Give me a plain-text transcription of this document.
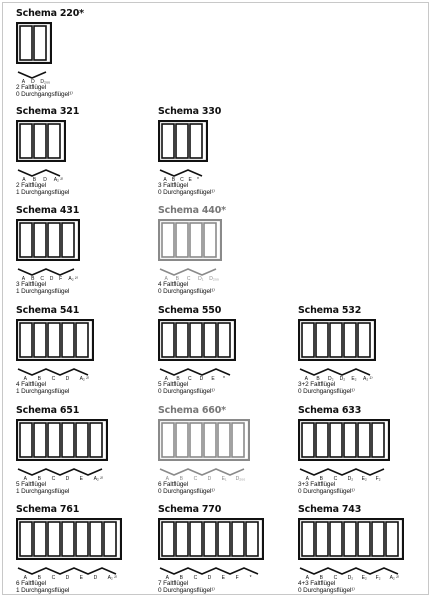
Schema 220*
A D D₂₀₀
2 Faltflügel
0 Durchgangsflügel¹⁾
Schema 321
A B D A₂ ²⁾
2 Faltflügel
1 Durchgangsflügel
Schema 330
A B C E *
3 Faltflügel
0 Durchgangsflügel¹⁾
Schema 431
A B C D F A₂ ²⁾
3 Faltflügel
1 Durchgangsflügel
Schema 440*
A B C D₁ D₂₀₀
4 Faltflügel
0 Durchgangsflügel¹⁾
Schema 541
A B C D A₂ ²⁾
4 Faltflügel
1 Durchgangsflügel
Schema 550
A B C D E *
5 Faltflügel
0 Durchgangsflügel¹⁾
Schema 532
A B D₂ D₂ E₂ A₂ ²⁾
3+2 Faltflügel
0 Durchgangsflügel¹⁾
Schema 651
A B C D E A₂ ²⁾
5 Faltflügel
1 Durchgangsflügel
Schema 660*
A B C D E₁ D₂₀₀
6 Faltflügel
0 Durchgangsflügel¹⁾
Schema 633
A B C D₂ E₂ F₂
3+3 Faltflügel
0 Durchgangsflügel¹⁾
Schema 761
A B C D E D A₂ ²⁾
6 Faltflügel
1 Durchgangsflügel
Schema 770
A B C D E F *
7 Faltflügel
0 Durchgangsflügel¹⁾
Schema 743
A B C D₂ E₂ F₂ A₂ ²⁾
4+3 Faltflügel
0 Durchgangsflügel¹⁾
